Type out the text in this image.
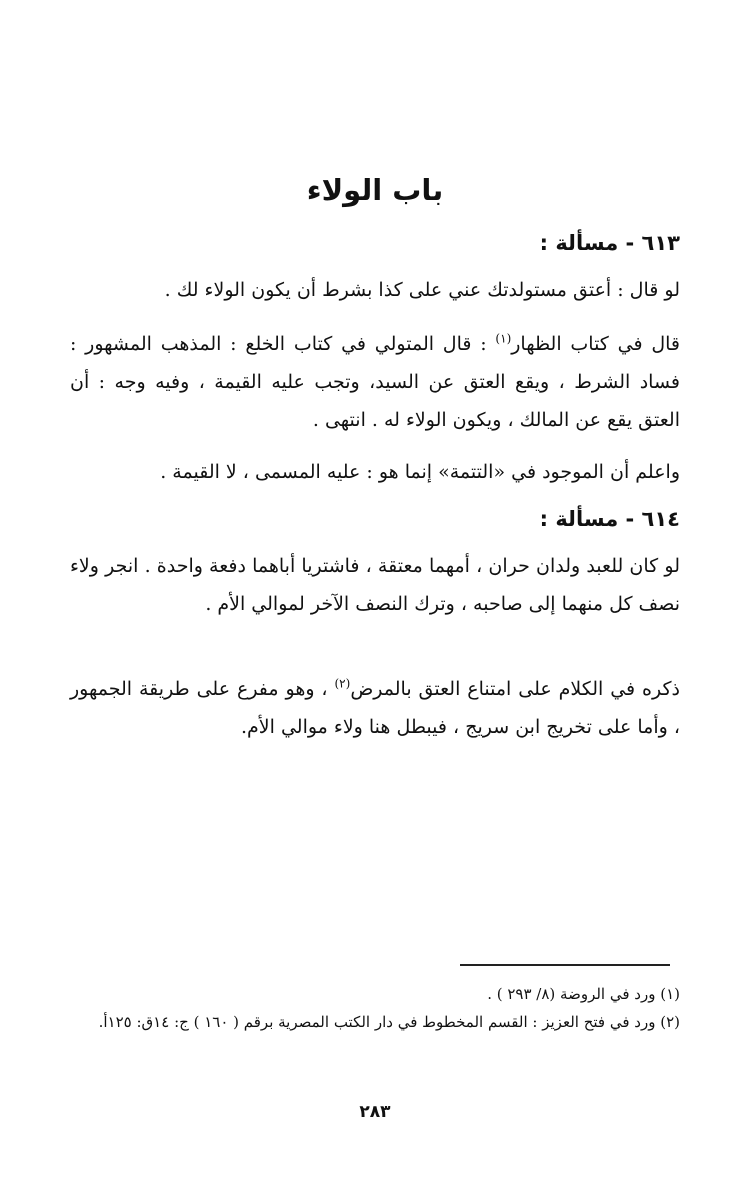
باب الولاء

٦١٣ - مسألة :

لو قال : أعتق مستولدتك عني على كذا بشرط أن يكون الولاء لك .

قال في كتاب الظهار$^{(١)}$ : قال المتولي في كتاب الخلع : المذهب المشهور : فساد الشرط ، ويقع العتق عن السيد، وتجب عليه القيمة ، وفيه وجه : أن العتق يقع عن المالك ، ويكون الولاء له . انتهى .

واعلم أن الموجود في «التتمة» إنما هو : عليه المسمى ، لا القيمة .

٦١٤ - مسألة :

لو كان للعبد ولدان حران ، أمهما معتقة ، فاشتريا أباهما دفعة واحدة . انجر ولاء نصف كل منهما إلى صاحبه ، وترك النصف الآخر لموالي الأم .

ذكره في الكلام على امتناع العتق بالمرض$^{(٢)}$ ، وهو مفرع على طريقة الجمهور ، وأما على تخريج ابن سريج ، فيبطل هنا ولاء موالي الأم.

(١) ورد في الروضة (٨/ ٢٩٣ ) .

(٢) ورد في فتح العزيز : القسم المخطوط في دار الكتب المصرية برقم ( ١٦٠ ) ج: ١٤ق: ١٢٥أ.

٢٨٣
